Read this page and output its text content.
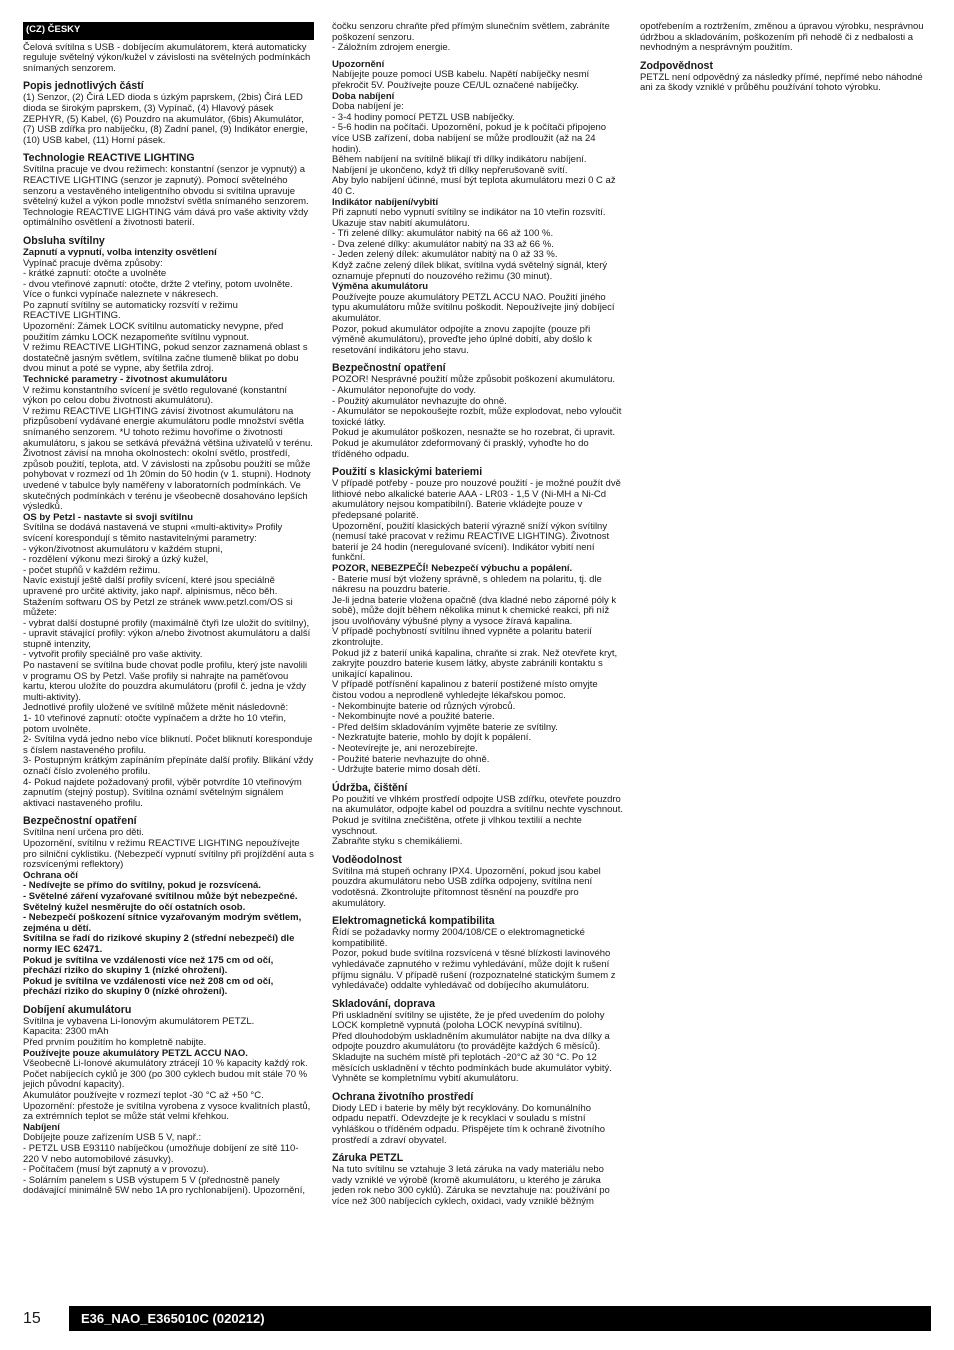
(CZ) ČESKY

Čelová svítilna s USB - dobíjecím akumulátorem, která automaticky reguluje světelný výkon/kužel v závislosti na světelných podmínkách snímaných senzorem.

Popis jednotlivých částí

(1) Senzor, (2) Čirá LED dioda s úzkým paprskem, (2bis) Čirá LED dioda se širokým paprskem, (3) Vypínač, (4) Hlavový pásek ZEPHYR, (5) Kabel, (6) Pouzdro na akumulátor, (6bis) Akumulátor, (7) USB zdířka pro nabíječku, (8) Zadní panel, (9) Indikátor energie, (10) USB kabel, (11) Horní pásek.

Technologie REACTIVE LIGHTING

Svítilna pracuje ve dvou režimech: konstantní (senzor je vypnutý) a REACTIVE LIGHTING (senzor je zapnutý). Pomocí světelného senzoru a vestavěného inteligentního obvodu si svítilna upravuje světelný kužel a výkon podle množství světla snímaného senzorem. Technologie REACTIVE LIGHTING vám dává pro vaše aktivity vždy optimálního osvětlení a životnosti baterií.

Obsluha svítilny

Zapnutí a vypnutí, volba intenzity osvětlení

Vypínač pracuje dvěma způsoby:
- krátké zapnutí: otočte a uvolněte
- dvou vteřinové zapnutí: otočte, držte 2 vteřiny, potom uvolněte.
Více o funkci vypínače naleznete v nákresech.
Po zapnutí svítilny se automaticky rozsvítí v režimu
REACTIVE LIGHTING.
Upozornění: Zámek LOCK svítilnu automaticky nevypne, před použitím zámku LOCK nezapomeňte svítilnu vypnout.
V režimu REACTIVE LIGHTING, pokud senzor zaznamená oblast s dostatečně jasným světlem, svítilna začne tlumeně blikat po dobu dvou minut a poté se vypne, aby šetřila zdroj.

Technické parametry - životnost akumulátoru

V režimu konstantního svícení je světlo regulované (konstantní výkon po celou dobu životnosti akumulátoru).
V režimu REACTIVE LIGHTING závisí životnost akumulátoru na přizpůsobení vydávané energie akumulátoru podle množství světla snímaného senzorem. *U tohoto režimu hovoříme o životnosti akumulátoru, s jakou se setkává převážná většina uživatelů v terénu. Životnost závisí na mnoha okolnostech: okolní světlo, prostředí, způsob použití, teplota, atd. V závislosti na způsobu použití se může pohybovat v rozmezí od 1h 20min do 50 hodin (v 1. stupni). Hodnoty uvedené v tabulce byly naměřeny v laboratorních podmínkách. Ve skutečných podmínkách v terénu je všeobecně dosahováno lepších výsledků.

OS by Petzl - nastavte si svoji svítilnu

Svítilna se dodává nastavená ve stupni «multi-aktivity» Profily svícení korespondují s těmito nastavitelnými parametry:
- výkon/životnost akumulátoru v každém stupni,
- rozdělení výkonu mezi široký a úzký kužel,
- počet stupňů v každém režimu.
Navíc existují ještě další profily svícení, které jsou speciálně upravené pro určité aktivity, jako např. alpinismus, něco běh.
Stažením softwaru OS by Petzl ze stránek www.petzl.com/OS si můžete:
- vybrat další dostupné profily (maximálně čtyři lze uložit do svítilny),
- upravit stávající profily: výkon a/nebo životnost akumulátoru a další stupně intenzity,
- vytvořit profily speciálně pro vaše aktivity.
Po nastavení se svítilna bude chovat podle profilu, který jste navolili v programu OS by Petzl. Vaše profily si nahrajte na paměťovou kartu, kterou uložíte do pouzdra akumulátoru (profil č. jedna je vždy multi-aktivity).
Jednotlivé profily uložené ve svítilně můžete měnit následovně:
1- 10 vteřinové zapnutí: otočte vypínačem a držte ho 10 vteřin, potom uvolněte.
2- Svítilna vydá jedno nebo více bliknutí. Počet bliknutí koresponduje s číslem nastaveného profilu.
3- Postupným krátkým zapínáním přepínáte další profily. Blikání vždy označí číslo zvoleného profilu.
4- Pokud najdete požadovaný profil, výběr potvrdíte 10 vteřinovým zapnutím (stejný postup). Svítilna oznámí světelným signálem aktivaci nastaveného profilu.

Bezpečnostní opatření

Svítilna není určena pro děti.
Upozornění, svítilnu v režimu REACTIVE LIGHTING nepoužívejte pro silniční cyklistiku. (Nebezpečí vypnutí svítilny při projíždění auta s rozsvícenými reflektory)

Ochrana očí
- Nedívejte se přímo do svítilny, pokud je rozsvícená.
- Světelné záření vyzařované svítilnou může být nebezpečné. Světelný kužel nesměrujte do očí ostatních osob.
- Nebezpečí poškození sítnice vyzařovaným modrým světlem, zejména u dětí.
Svítilna se řadí do rizikové skupiny 2 (střední nebezpečí) dle normy IEC 62471.
Pokud je svítilna ve vzdálenosti více než 175 cm od očí, přechází riziko do skupiny 1 (nízké ohrožení).
Pokud je svítilna ve vzdálenosti více než 208 cm od očí, přechází riziko do skupiny 0 (nízké ohrožení).

Dobíjení akumulátoru

Svítilna je vybavena Li-Ionovým akumulátorem PETZL.
Kapacita: 2300 mAh
Před prvním použitím ho kompletně nabijte.

Používejte pouze akumulátory PETZL ACCU NAO.

Všeobecně Li-Ionové akumulátory ztrácejí 10 % kapacity každý rok. Počet nabíjecích cyklů je 300 (po 300 cyklech budou mít stále 70 % jejich původní kapacity).
Akumulátor používejte v rozmezí teplot -30 °C až +50 °C.
Upozornění: přestože je svítilna vyrobena z vysoce kvalitních plastů, za extrémních teplot se může stát velmi křehkou.

Nabíjení

Dobíjejte pouze zařízením USB 5 V, např.:
- PETZL USB E93110 nabíječkou (umožňuje dobíjení ze sítě 110-220 V nebo automobilové zásuvky).
- Počítačem (musí být zapnutý a v provozu).
- Solárním panelem s USB výstupem 5 V (přednostně panely dodávající minimálně 5W nebo 1A pro rychlonabíjení). Upozornění,

čočku senzoru chraňte před přímým slunečním světlem, zabráníte poškození senzoru.
- Záložním zdrojem energie.

Upozornění

Nabíjejte pouze pomocí USB kabelu. Napětí nabíječky nesmí překročit 5V. Používejte pouze CE/UL označené nabíječky.

Doba nabíjení

Doba nabíjení je:
- 3-4 hodiny pomocí PETZL USB nabíječky.
- 5-6 hodin na počítači. Upozornění, pokud je k počítači připojeno více USB zařízení, doba nabíjení se může prodloužit (až na 24 hodin).
Během nabíjení na svítilně blikají tři dílky indikátoru nabíjení. Nabíjení je ukončeno, když tři dílky nepřerušovaně svítí.
Aby bylo nabíjení účinné, musí být teplota akumulátoru mezi 0 C až 40 C.

Indikátor nabíjení/vybití

Při zapnutí nebo vypnutí svítilny se indikátor na 10 vteřin rozsvítí. Ukazuje stav nabití akumulátoru.
- Tři zelené dílky: akumulátor nabitý na 66 až 100 %.
- Dva zelené dílky: akumulátor nabitý na 33 až 66 %.
- Jeden zelený dílek: akumulátor nabitý na 0 až 33 %.
Když začne zelený dílek blikat, svítilna vydá světelný signál, který oznamuje přepnutí do nouzového režimu (30 minut).

Výměna akumulátoru

Používejte pouze akumulátory PETZL ACCU NAO. Použití jiného typu akumulátoru může svítilnu poškodit. Nepoužívejte jiný dobíjecí akumulátor.
Pozor, pokud akumulátor odpojíte a znovu zapojíte (pouze při výměně akumulátoru), proveďte jeho úplné dobití, aby došlo k resetování indikátoru jeho stavu.

Bezpečnostní opatření

POZOR! Nesprávné použití může způsobit poškození akumulátoru.
- Akumulátor neponořujte do vody.
- Použitý akumulátor nevhazujte do ohně.
- Akumulátor se nepokoušejte rozbít, může explodovat, nebo vyloučit toxické látky.
Pokud je akumulátor poškozen, nesnažte se ho rozebrat, či upravit. Pokud je akumulátor zdeformovaný či prasklý, vyhoďte ho do tříděného odpadu.

Použití s klasickými bateriemi

V případě potřeby - pouze pro nouzové použití - je možné použít dvě lithiové nebo alkalické baterie AAA - LR03 - 1,5 V (Ni-MH a Ni-Cd akumulátory nejsou kompatibilní). Baterie vkládejte pouze v předepsané polaritě.
Upozornění, použití klasických baterií výrazně sníží výkon svítilny (nemusí také pracovat v režimu REACTIVE LIGHTING). Životnost baterií je 24 hodin (neregulované svícení). Indikátor vybití není funkční.

POZOR, NEBEZPEČÍ! Nebezpečí výbuchu a popálení.

- Baterie musí být vloženy správně, s ohledem na polaritu, tj. dle nákresu na pouzdru baterie.
Je-li jedna baterie vložena opačně (dva kladné nebo záporné póly k sobě), může dojít během několika minut k chemické reakci, při níž jsou uvolňovány výbušné plyny a vysoce žíravá kapalina.
V případě pochybností svítilnu ihned vypněte a polaritu baterií zkontrolujte.
Pokud již z baterií uniká kapalina, chraňte si zrak. Než otevřete kryt, zakryjte pouzdro baterie kusem látky, abyste zabránili kontaktu s unikající kapalinou.
V případě potřísnění kapalinou z baterií postižené místo omyjte čistou vodou a neprodleně vyhledejte lékařskou pomoc.
- Nekombinujte baterie od různých výrobců.
- Nekombinujte nové a použité baterie.
- Před delším skladováním vyjměte baterie ze svítilny.
- Nezkratujte baterie, mohlo by dojít k popálení.
- Neotevírejte je, ani nerozebírejte.
- Použité baterie nevhazujte do ohně.
- Udržujte baterie mimo dosah dětí.

Údržba, čištění

Po použití ve vlhkém prostředí odpojte USB zdířku, otevřete pouzdro na akumulátor, odpojte kabel od pouzdra a svítilnu nechte vyschnout.
Pokud je svítilna znečištěna, otřete ji vlhkou textilií a nechte vyschnout.
Zabraňte styku s chemikáliemi.

Voděodolnost

Svítilna má stupeň ochrany IPX4. Upozornění, pokud jsou kabel pouzdra akumulátoru nebo USB zdířka odpojeny, svítilna není vodotěsná. Zkontrolujte přítomnost těsnění na pouzdře pro akumulátory.

Elektromagnetická kompatibilita

Řídí se požadavky normy 2004/108/CE o elektromagnetické kompatibilitě.
Pozor, pokud bude svítilna rozsvícená v těsné blízkosti lavinového vyhledávače zapnutého v režimu vyhledávání, může dojít k rušení příjmu signálu. V případě rušení (rozpoznatelné statickým šumem z vyhledávače) oddalte vyhledávač od dobíjecího akumulátoru.

Skladování, doprava

Při uskladnění svítilny se ujistěte, že je před uvedením do polohy LOCK kompletně vypnutá (poloha LOCK nevypíná svítilnu).
Před dlouhodobým uskladněním akumulátor nabijte na dva dílky a odpojte pouzdro akumulátoru (to provádějte každých 6 měsíců). Skladujte na suchém místě při teplotách -20°C až 30 °C. Po 12 měsících uskladnění v těchto podmínkách bude akumulátor vybitý. Vyhněte se kompletnímu vybití akumulátoru.

Ochrana životního prostředí

Diody LED i baterie by měly být recyklovány. Do komunálního odpadu nepatří. Odevzdejte je k recyklaci v souladu s místní vyhláškou o tříděném odpadu. Přispějete tím k ochraně životního prostředí a zdraví obyvatel.

Záruka PETZL

Na tuto svítilnu se vztahuje 3 letá záruka na vady materiálu nebo vady vzniklé ve výrobě (kromě akumulátoru, u kterého je záruka jeden rok nebo 300 cyklů). Záruka se nevztahuje na: používání po více než 300 nabíjecích cyklech, oxidaci, vady vzniklé běžným

opotřebením a roztržením, změnou a úpravou výrobku, nesprávnou údržbou a skladováním, poškozením při nehodě či z nedbalosti a nevhodným a nesprávným použitím.

Zodpovědnost

PETZL není odpovědný za následky přímé, nepřímé nebo náhodné ani za škody vzniklé v průběhu používání tohoto výrobku.

15	E36_NAO_E365010C (020212)
